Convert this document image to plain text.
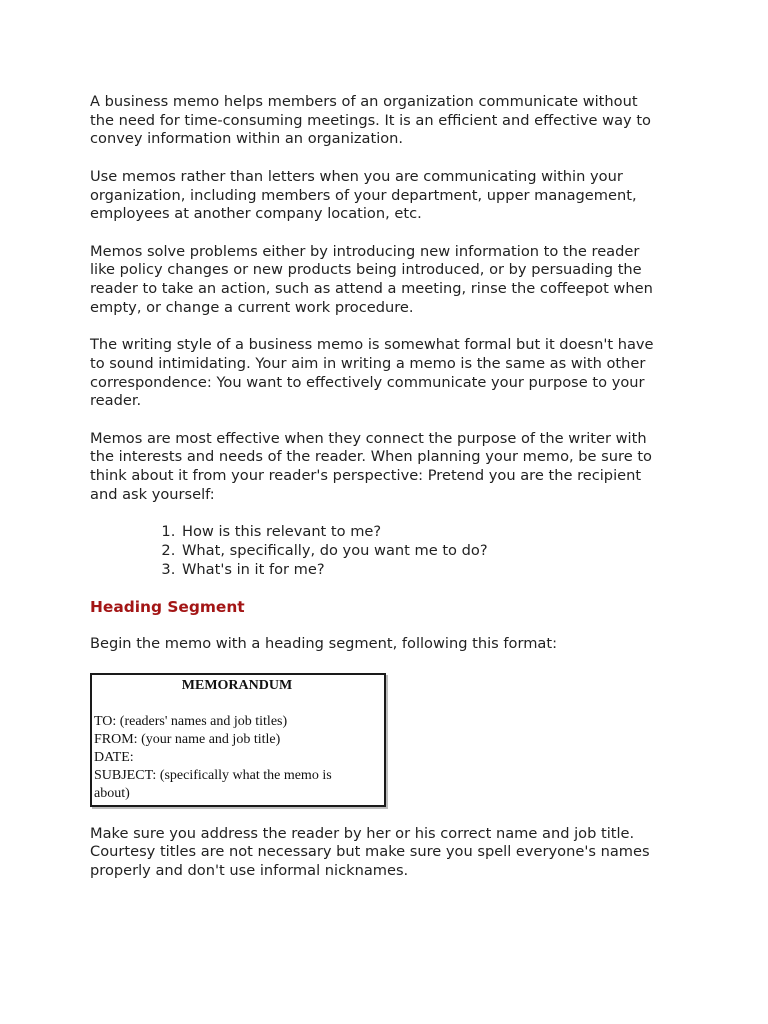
A business memo helps members of an organization communicate without
the need for time-consuming meetings. It is an efficient and effective way to
convey information within an organization.

Use memos rather than letters when you are communicating within your
organization, including members of your department, upper management,
employees at another company location, etc.

Memos solve problems either by introducing new information to the reader
like policy changes or new products being introduced, or by persuading the
reader to take an action, such as attend a meeting, rinse the coffeepot when
empty, or change a current work procedure.

The writing style of a business memo is somewhat formal but it doesn't have
to sound intimidating. Your aim in writing a memo is the same as with other
correspondence: You want to effectively communicate your purpose to your
reader.

Memos are most effective when they connect the purpose of the writer with
the interests and needs of the reader. When planning your memo, be sure to
think about it from your reader's perspective: Pretend you are the recipient
and ask yourself:

1. How is this relevant to me?
2. What, specifically, do you want me to do?
3. What's in it for me?
Heading Segment

Begin the memo with a heading segment, following this format:

MEMORANDUM
TO: (readers' names and job titles)
FROM: (your name and job title)
DATE:
SUBJECT: (specifically what the memo is
about)

Make sure you address the reader by her or his correct name and job title.
Courtesy titles are not necessary but make sure you spell everyone's names
properly and don't use informal nicknames.
